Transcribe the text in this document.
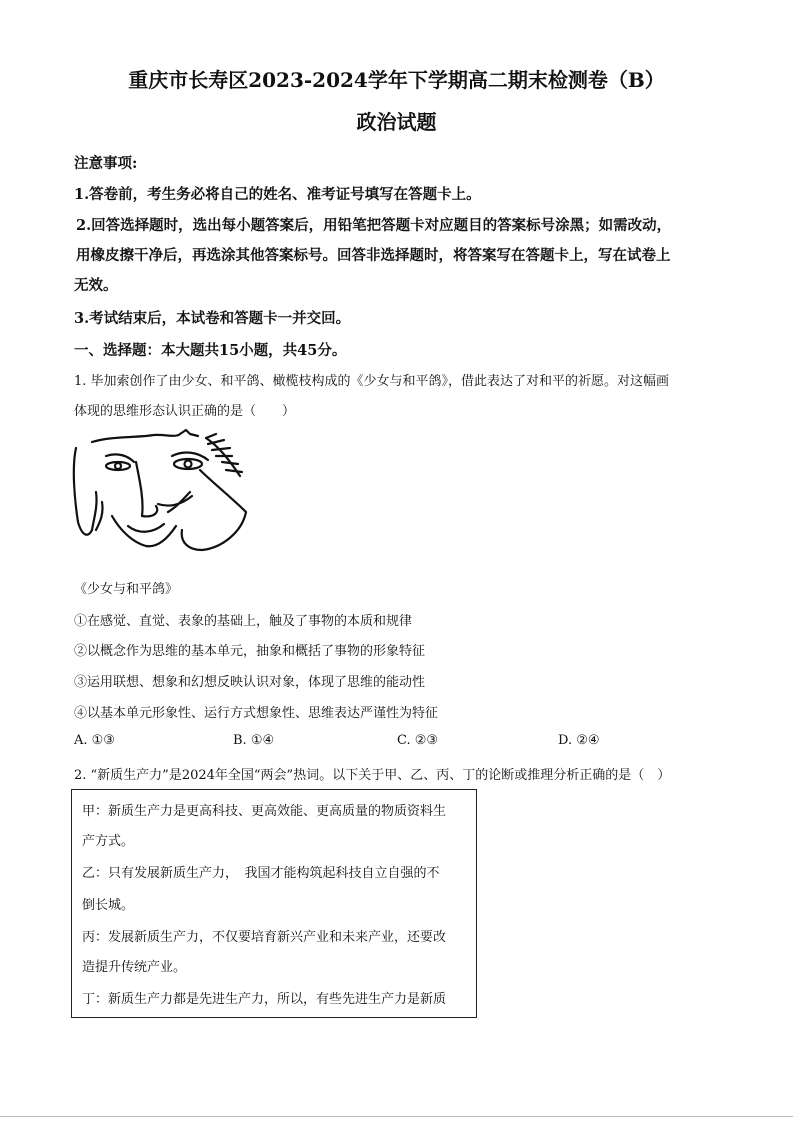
重庆市长寿区2023-2024学年下学期高二期末检测卷（B）
政治试题
注意事项:
1.答卷前，考生务必将自己的姓名、准考证号填写在答题卡上。
2.回答选择题时，选出每小题答案后，用铅笔把答题卡对应题目的答案标号涂黑；如需改动，
用橡皮擦干净后，再选涂其他答案标号。回答非选择题时，将答案写在答题卡上，写在试卷上
无效。
3.考试结束后，本试卷和答题卡一并交回。
一、选择题：本大题共15小题，共45分。
1. 毕加索创作了由少女、和平鸽、橄榄枝构成的《少女与和平鸽》，借此表达了对和平的祈愿。对这幅画
体现的思维形态认识正确的是（　　）
《少女与和平鸽》
①在感觉、直觉、表象的基础上，触及了事物的本质和规律
②以概念作为思维的基本单元，抽象和概括了事物的形象特征
③运用联想、想象和幻想反映认识对象，体现了思维的能动性
④以基本单元形象性、运行方式想象性、思维表达严谨性为特征
A. ①③	B. ①④	C. ②③	D. ②④
2. “新质生产力”是2024年全国“两会”热词。以下关于甲、乙、丙、丁的论断或推理分析正确的是（　）
甲：新质生产力是更高科技、更高效能、更高质量的物质资料生
产方式。
乙：只有发展新质生产力，　我国才能构筑起科技自立自强的不
倒长城。
丙：发展新质生产力，不仅要培育新兴产业和未来产业，还要改
造提升传统产业。
丁：新质生产力都是先进生产力，所以，有些先进生产力是新质
